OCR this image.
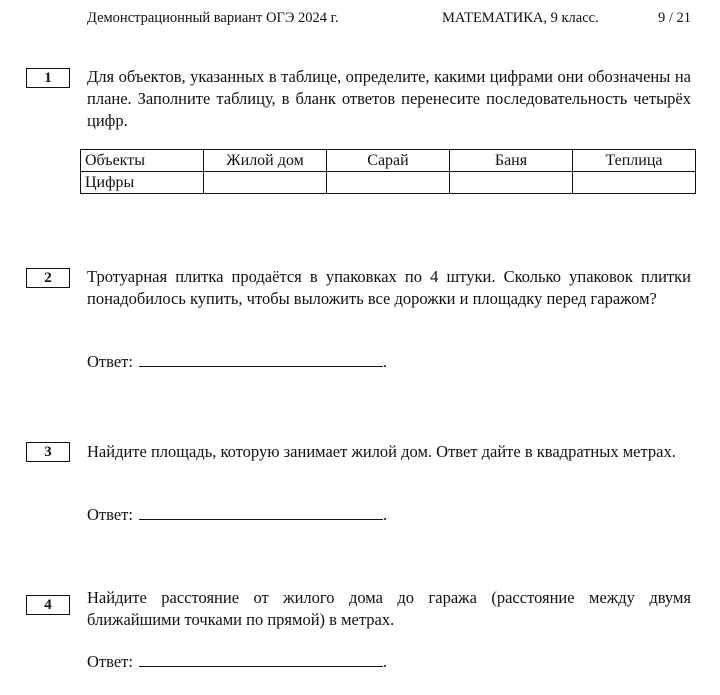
Демонстрационный вариант ОГЭ 2024 г.	МАТЕМАТИКА, 9 класс.	9 / 21
1	Для объектов, указанных в таблице, определите, какими цифрами они обозначены на плане. Заполните таблицу, в бланк ответов перенесите последовательность четырёх цифр.
Объекты	Жилой дом	Сарай	Баня	Теплица
Цифры				
2	Тротуарная плитка продаётся в упаковках по 4 штуки. Сколько упаковок плитки понадобилось купить, чтобы выложить все дорожки и площадку перед гаражом?
Ответ:	.
3	Найдите площадь, которую занимает жилой дом. Ответ дайте в квадратных метрах.
Ответ:	.
4	Найдите расстояние от жилого дома до гаража (расстояние между двумя ближайшими точками по прямой) в метрах.
Ответ:	.
